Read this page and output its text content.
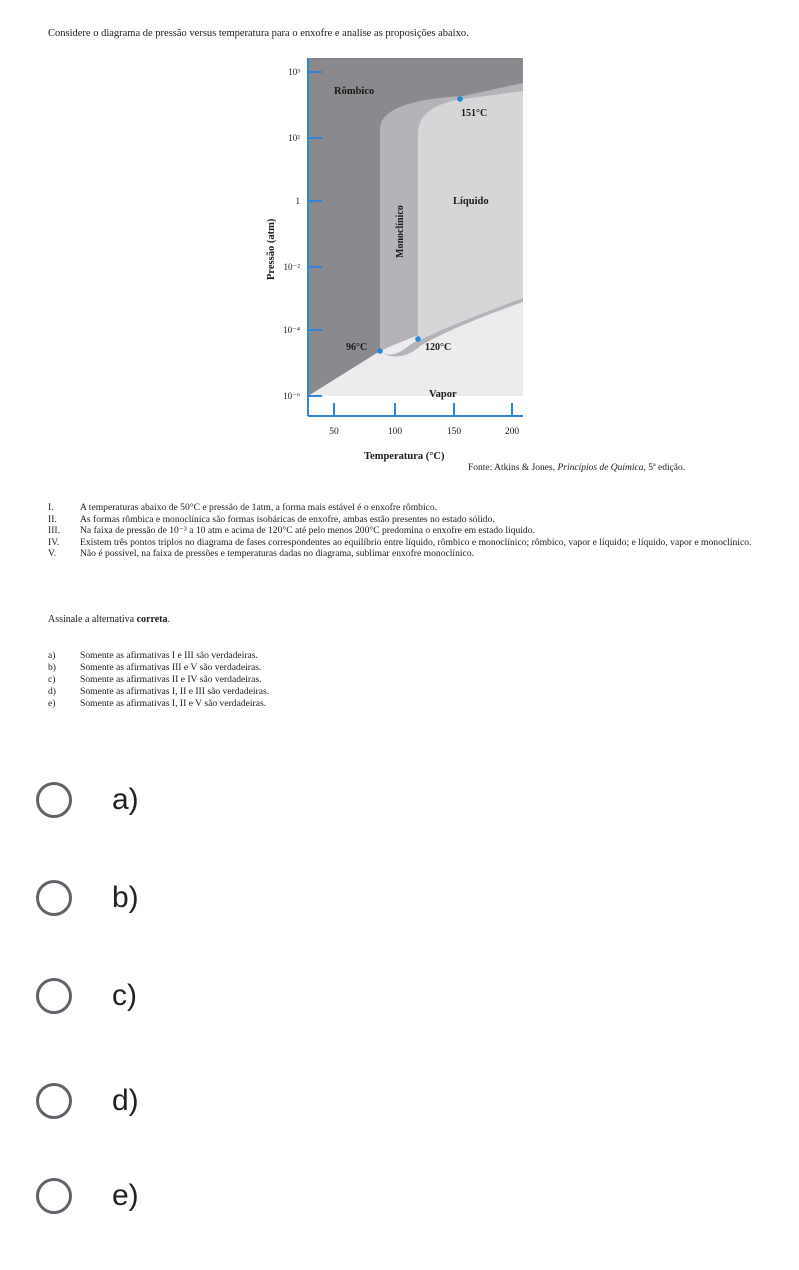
Considere o diagrama de pressão versus temperatura para o enxofre e analise as proposições abaixo.
10³
10²
1
10⁻²
10⁻⁴
10⁻⁶
50	100	150	200
Rômbico
Líquido
Vapor
Monoclínico
96°C	120°C
151°C
Pressão (atm)
Temperatura (°C)
Fonte: Atkins & Jones, Princípios de Química, 5ª edição.
I.	A temperaturas abaixo de 50°C e pressão de 1atm, a forma mais estável é o enxofre rômbico.
II.	As formas rômbica e monoclínica são formas isobáricas de enxofre, ambas estão presentes no estado sólido.
III.	Na faixa de pressão de 10⁻³ a 10 atm e acima de 120°C até pelo menos 200°C predomina o enxofre em estado líquido.
IV.	Existem três pontos triplos no diagrama de fases correspondentes ao equilíbrio entre líquido, rômbico e monoclínico; rômbico, vapor e líquido; e líquido, vapor e monoclínico.
V.	Não é possível, na faixa de pressões e temperaturas dadas no diagrama, sublimar enxofre monoclínico.
Assinale a alternativa correta.
a)	Somente as afirmativas I e III são verdadeiras.
b)	Somente as afirmativas III e V são verdadeiras.
c)	Somente as afirmativas II e IV são verdadeiras.
d)	Somente as afirmativas I, II e III são verdadeiras.
e)	Somente as afirmativas I, II e V são verdadeiras.
a)
b)
c)
d)
e)
